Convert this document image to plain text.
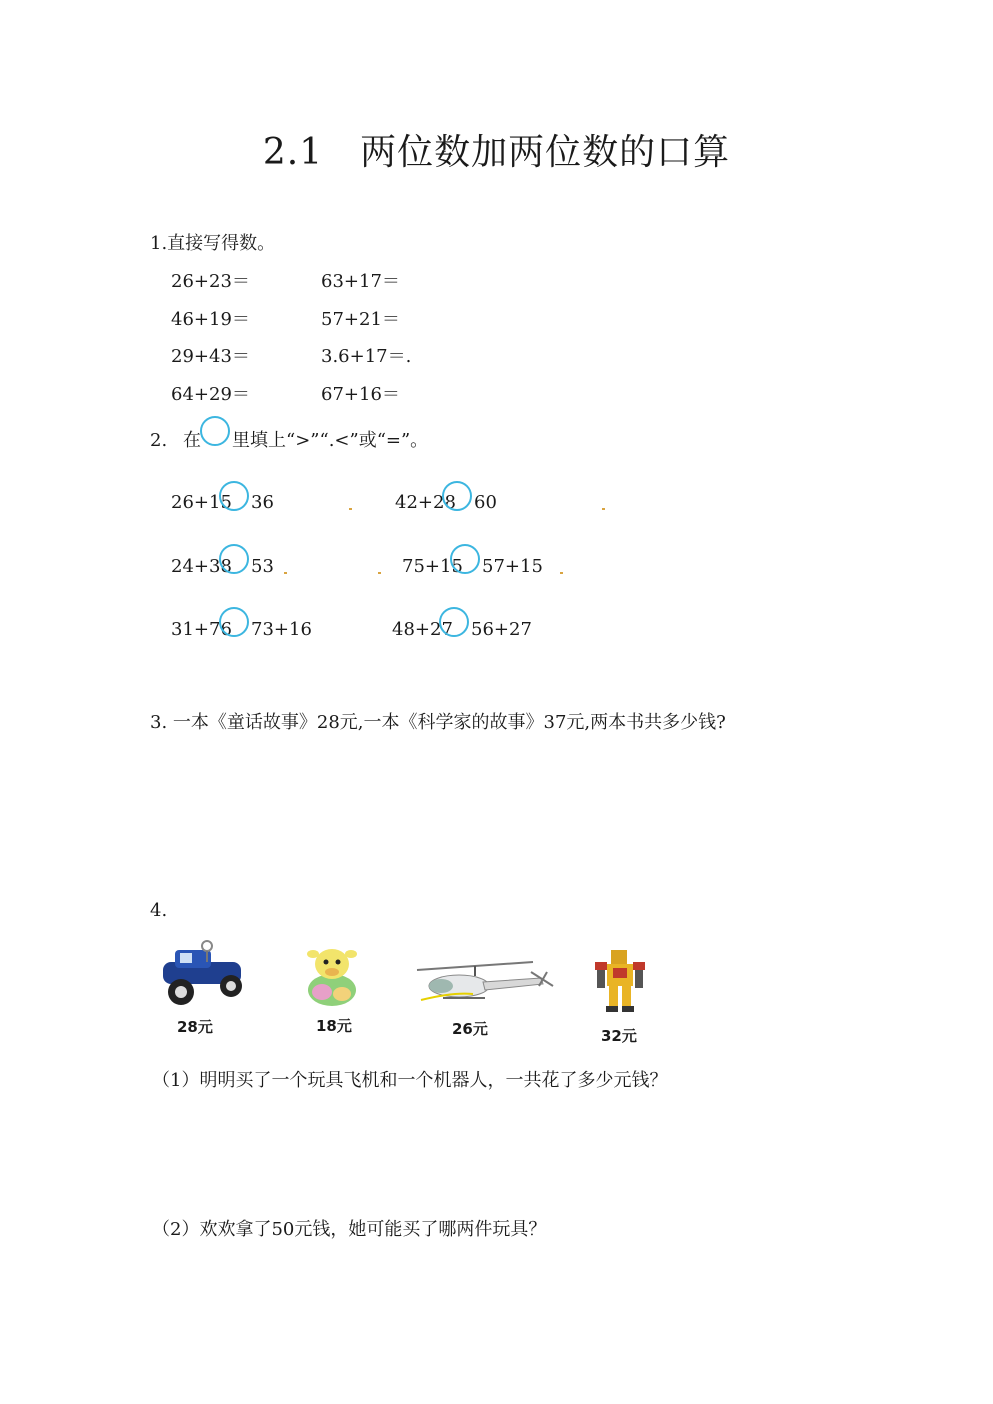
2.1　两位数加两位数的口算
1.直接写得数。
26+23＝	63+17＝
46+19＝	57+21＝
29+43＝	3.6+17＝.
64+29＝	67+16＝
2. 在 里填上“>”“.<”或“=”。
26+15 36	42+28 60
24+38 53	75+15 57+15
31+76 73+16	48+27 56+27
3. 一本《童话故事》28元,一本《科学家的故事》37元,两本书共多少钱?
4.
28元	18元	26元	32元
（1）明明买了一个玩具飞机和一个机器人，一共花了多少元钱？
（2）欢欢拿了50元钱，她可能买了哪两件玩具？
